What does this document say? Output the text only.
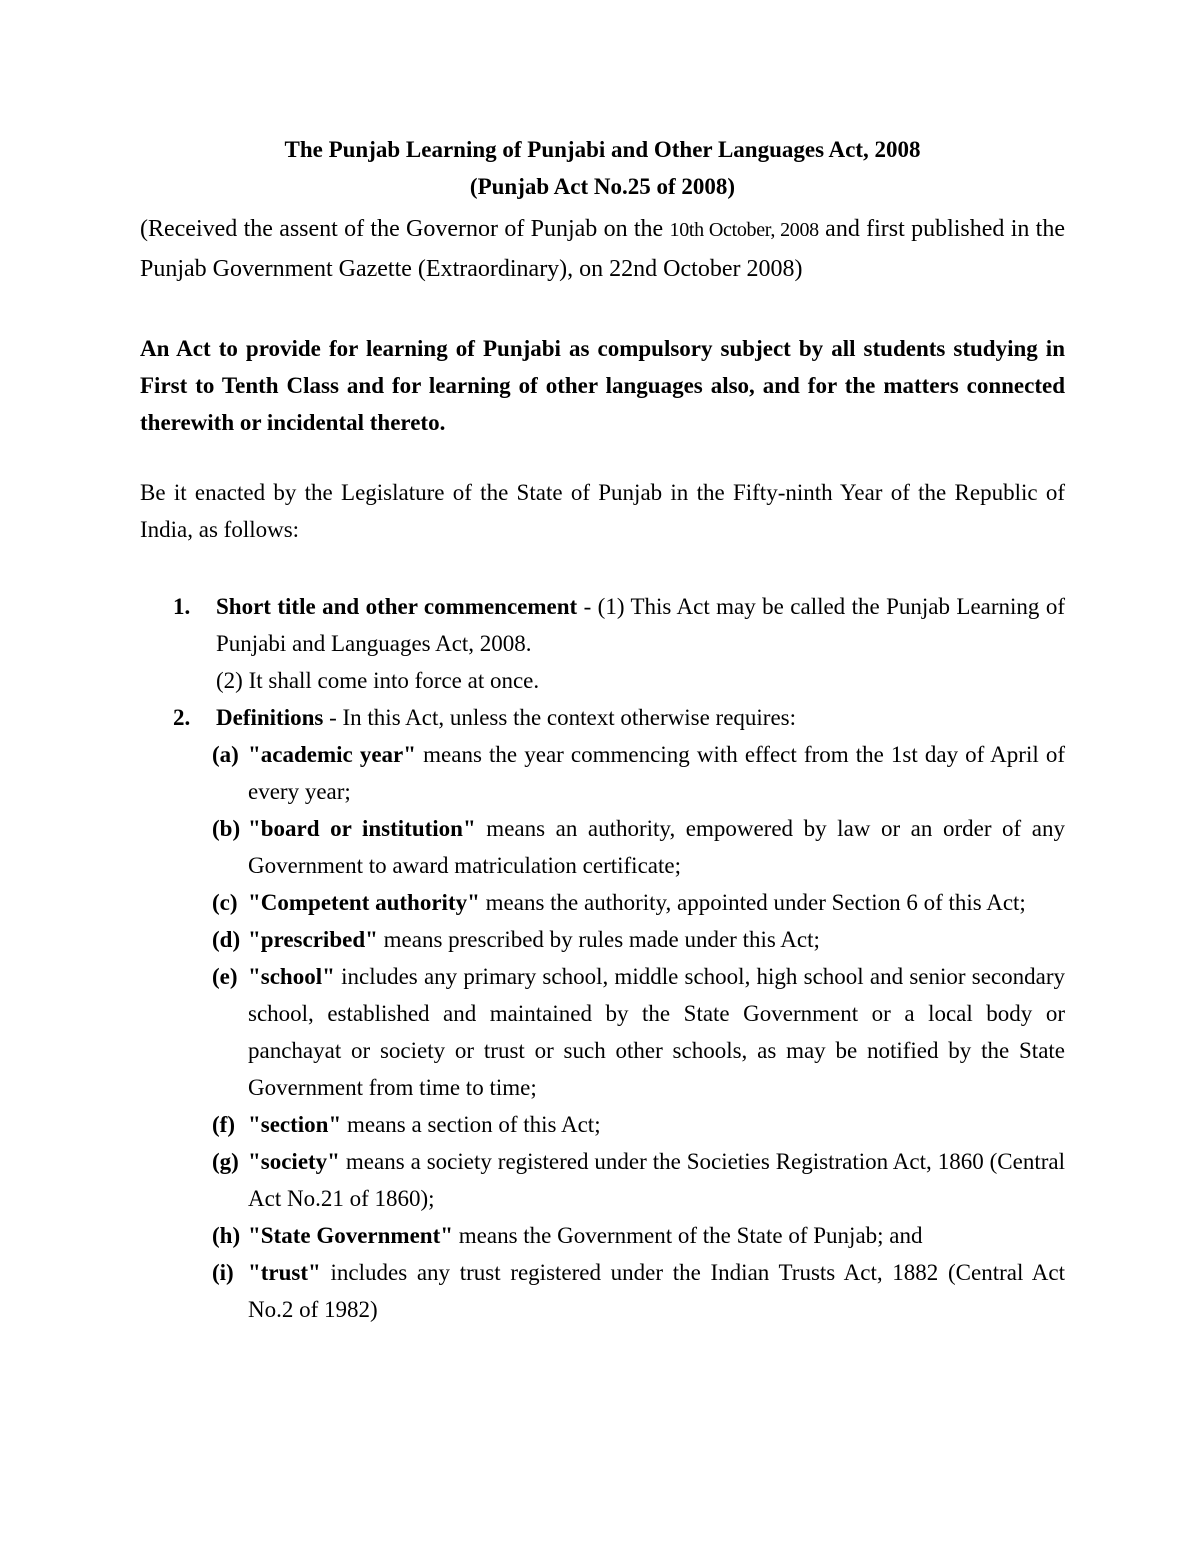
The Punjab Learning of Punjabi and Other Languages Act, 2008
(Punjab Act No.25 of 2008)

(Received the assent of the Governor of Punjab on the 10th October, 2008 and first published in the Punjab Government Gazette (Extraordinary), on 22nd October 2008)

An Act to provide for learning of Punjabi as compulsory subject by all students studying in First to Tenth Class and for learning of other languages also, and for the matters connected therewith or incidental thereto.

Be it enacted by the Legislature of the State of Punjab in the Fifty-ninth Year of the Republic of India, as follows:

1. Short title and other commencement - (1) This Act may be called the Punjab Learning of Punjabi and Languages Act, 2008.
(2) It shall come into force at once.
2. Definitions - In this Act, unless the context otherwise requires:
(a) "academic year" means the year commencing with effect from the 1st day of April of every year;
(b) "board or institution" means an authority, empowered by law or an order of any Government to award matriculation certificate;
(c) "Competent authority" means the authority, appointed under Section 6 of this Act;
(d) "prescribed" means prescribed by rules made under this Act;
(e) "school" includes any primary school, middle school, high school and senior secondary school, established and maintained by the State Government or a local body or panchayat or society or trust or such other schools, as may be notified by the State Government from time to time;
(f) "section" means a section of this Act;
(g) "society" means a society registered under the Societies Registration Act, 1860 (Central Act No.21 of 1860);
(h) "State Government" means the Government of the State of Punjab; and
(i) "trust" includes any trust registered under the Indian Trusts Act, 1882 (Central Act No.2 of 1982)
